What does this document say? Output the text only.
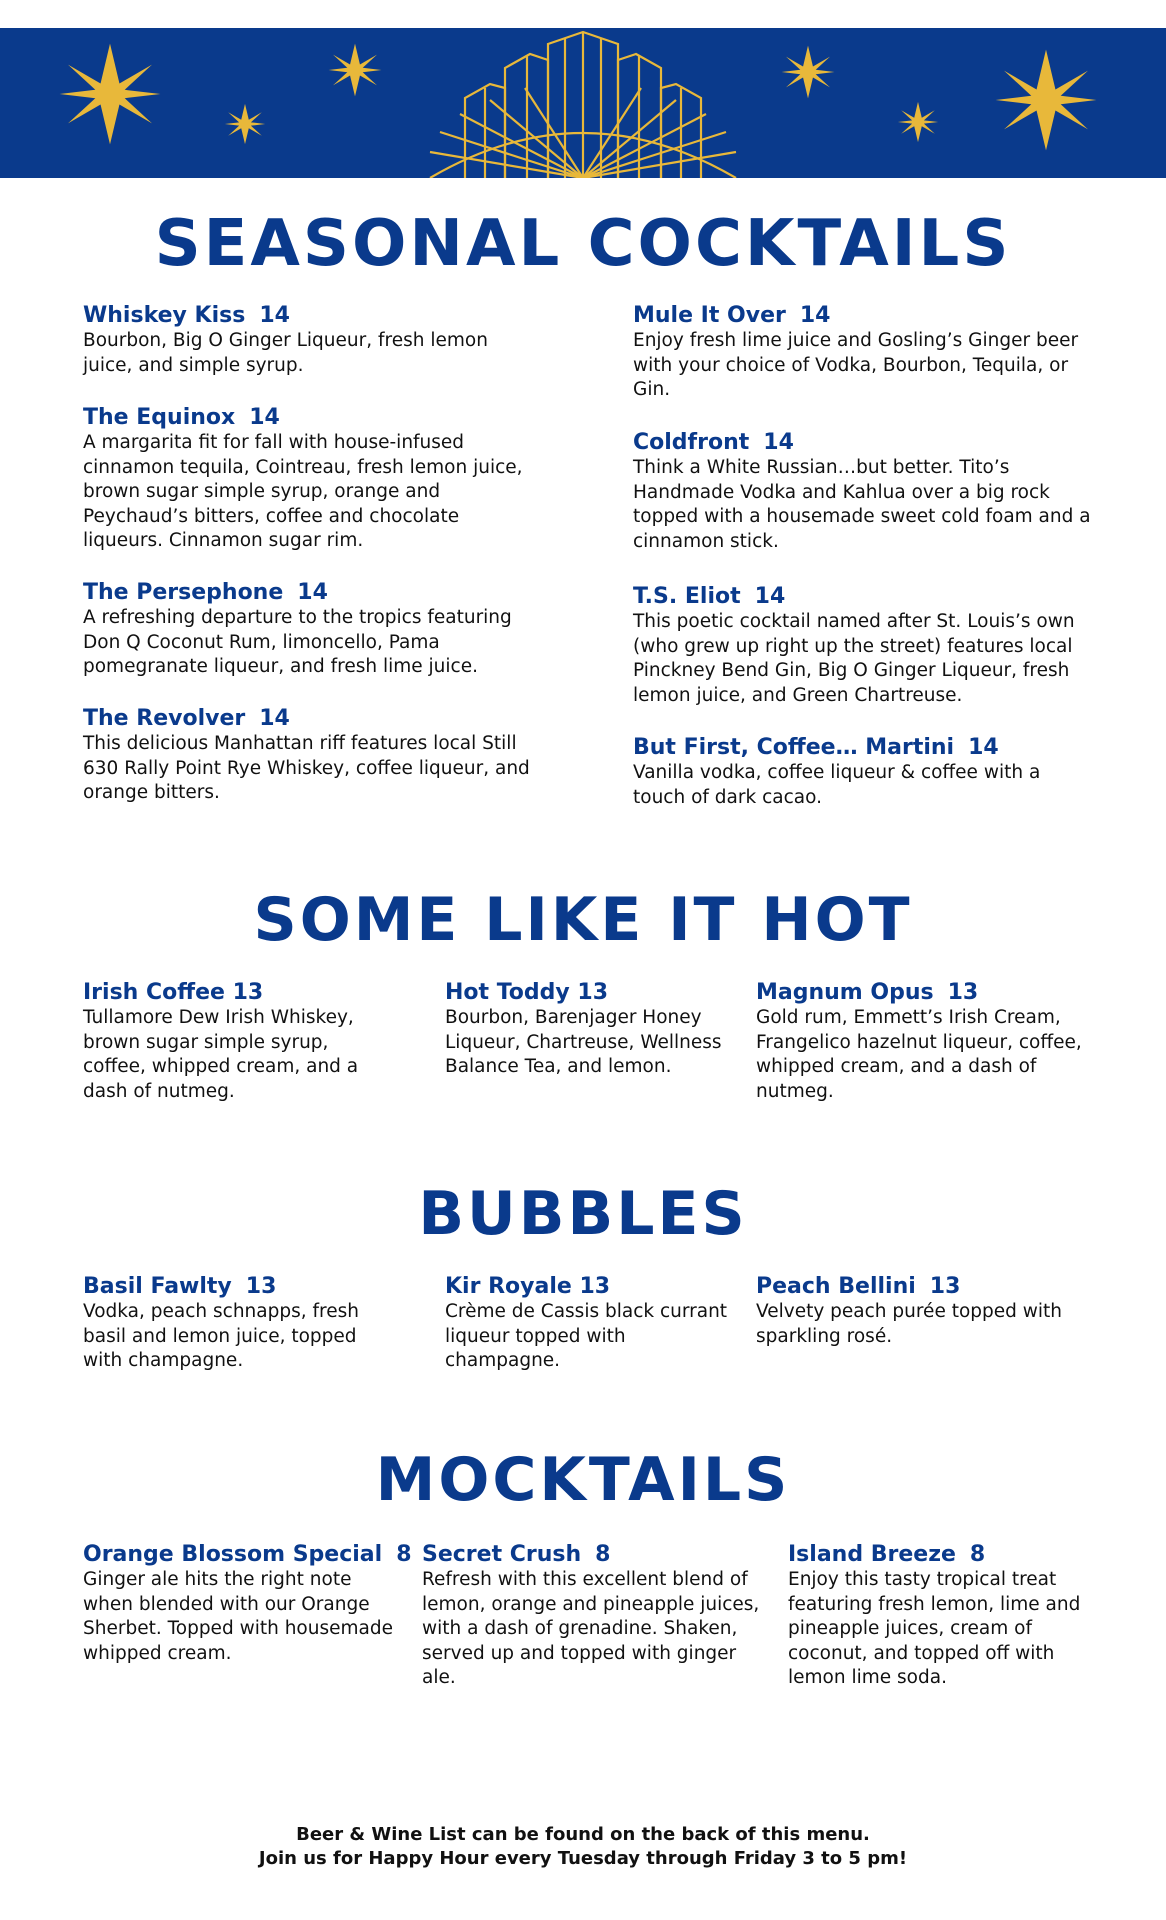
SEASONAL COCKTAILS
Whiskey Kiss 14

Bourbon, Big O Ginger Liqueur, fresh lemon juice, and simple syrup.

The Equinox 14

A margarita fit for fall with house-infused cinnamon tequila, Cointreau, fresh lemon juice, brown sugar simple syrup, orange and Peychaud’s bitters, coffee and chocolate liqueurs. Cinnamon sugar rim.

The Persephone 14

A refreshing departure to the tropics featuring Don Q Coconut Rum, limoncello, Pama pomegranate liqueur, and fresh lime juice.

The Revolver 14

This delicious Manhattan riff features local Still 630 Rally Point Rye Whiskey, coffee liqueur, and orange bitters.

Mule It Over 14

Enjoy fresh lime juice and Gosling’s Ginger beer with your choice of Vodka, Bourbon, Tequila, or Gin.

Coldfront 14

Think a White Russian…but better. Tito’s Handmade Vodka and Kahlua over a big rock topped with a housemade sweet cold foam and a cinnamon stick.

T.S. Eliot 14

This poetic cocktail named after St. Louis’s own (who grew up right up the street) features local Pinckney Bend Gin, Big O Ginger Liqueur, fresh lemon juice, and Green Chartreuse.

But First, Coffee… Martini 14

Vanilla vodka, coffee liqueur & coffee with a touch of dark cacao.

SOME LIKE IT HOT
Irish Coffee 13

Tullamore Dew Irish Whiskey, brown sugar simple syrup, coffee, whipped cream, and a dash of nutmeg.

Hot Toddy 13

Bourbon, Barenjager Honey Liqueur, Chartreuse, Wellness Balance Tea, and lemon.

Magnum Opus 13

Gold rum, Emmett’s Irish Cream, Frangelico hazelnut liqueur, coffee, whipped cream, and a dash of nutmeg.

BUBBLES
Basil Fawlty 13

Vodka, peach schnapps, fresh basil and lemon juice, topped with champagne.

Kir Royale 13

Crème de Cassis black currant liqueur topped with champagne.

Peach Bellini 13

Velvety peach purée topped with sparkling rosé.

MOCKTAILS
Orange Blossom Special 8

Ginger ale hits the right note when blended with our Orange Sherbet. Topped with housemade whipped cream.

Secret Crush 8

Refresh with this excellent blend of lemon, orange and pineapple juices, with a dash of grenadine. Shaken, served up and topped with ginger ale.

Island Breeze 8

Enjoy this tasty tropical treat featuring fresh lemon, lime and pineapple juices, cream of coconut, and topped off with lemon lime soda.

Beer & Wine List can be found on the back of this menu.
Join us for Happy Hour every Tuesday through Friday 3 to 5 pm!
